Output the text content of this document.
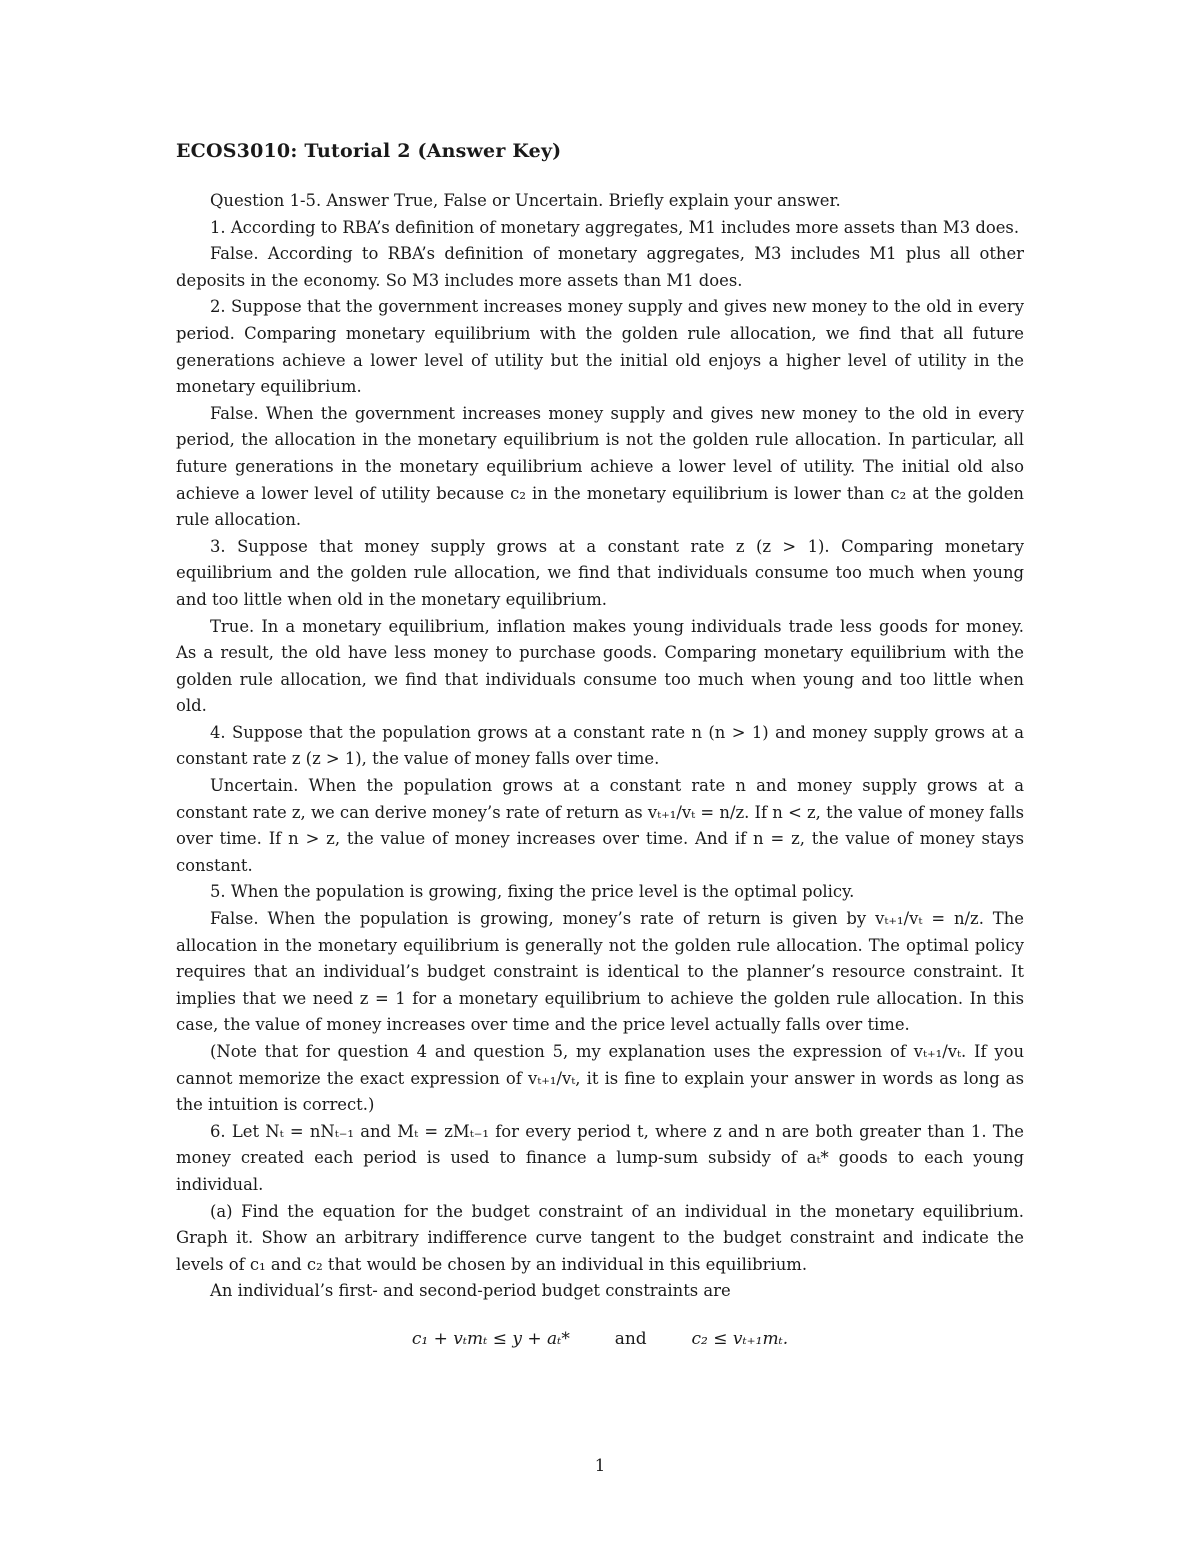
ECOS3010: Tutorial 2 (Answer Key)

Question 1-5. Answer True, False or Uncertain. Briefly explain your answer.

1. According to RBA’s definition of monetary aggregates, M1 includes more assets than M3 does.

False. According to RBA’s definition of monetary aggregates, M3 includes M1 plus all other deposits in the economy. So M3 includes more assets than M1 does.

2. Suppose that the government increases money supply and gives new money to the old in every period. Comparing monetary equilibrium with the golden rule allocation, we find that all future generations achieve a lower level of utility but the initial old enjoys a higher level of utility in the monetary equilibrium.

False. When the government increases money supply and gives new money to the old in every period, the allocation in the monetary equilibrium is not the golden rule allocation. In particular, all future generations in the monetary equilibrium achieve a lower level of utility. The initial old also achieve a lower level of utility because c₂ in the monetary equilibrium is lower than c₂ at the golden rule allocation.

3. Suppose that money supply grows at a constant rate z (z > 1). Comparing monetary equilibrium and the golden rule allocation, we find that individuals consume too much when young and too little when old in the monetary equilibrium.

True. In a monetary equilibrium, inflation makes young individuals trade less goods for money. As a result, the old have less money to purchase goods. Comparing monetary equilibrium with the golden rule allocation, we find that individuals consume too much when young and too little when old.

4. Suppose that the population grows at a constant rate n (n > 1) and money supply grows at a constant rate z (z > 1), the value of money falls over time.

Uncertain. When the population grows at a constant rate n and money supply grows at a constant rate z, we can derive money’s rate of return as vₜ₊₁/vₜ = n/z. If n < z, the value of money falls over time. If n > z, the value of money increases over time. And if n = z, the value of money stays constant.

5. When the population is growing, fixing the price level is the optimal policy.

False. When the population is growing, money’s rate of return is given by vₜ₊₁/vₜ = n/z. The allocation in the monetary equilibrium is generally not the golden rule allocation. The optimal policy requires that an individual’s budget constraint is identical to the planner’s resource constraint. It implies that we need z = 1 for a monetary equilibrium to achieve the golden rule allocation. In this case, the value of money increases over time and the price level actually falls over time.

(Note that for question 4 and question 5, my explanation uses the expression of vₜ₊₁/vₜ. If you cannot memorize the exact expression of vₜ₊₁/vₜ, it is fine to explain your answer in words as long as the intuition is correct.)

6. Let Nₜ = nNₜ₋₁ and Mₜ = zMₜ₋₁ for every period t, where z and n are both greater than 1. The money created each period is used to finance a lump-sum subsidy of aₜ* goods to each young individual.

(a) Find the equation for the budget constraint of an individual in the monetary equilibrium. Graph it. Show an arbitrary indifference curve tangent to the budget constraint and indicate the levels of c₁ and c₂ that would be chosen by an individual in this equilibrium.

An individual’s first- and second-period budget constraints are

c₁ + vₜmₜ ≤ y + aₜ*	and	c₂ ≤ vₜ₊₁mₜ.
1
